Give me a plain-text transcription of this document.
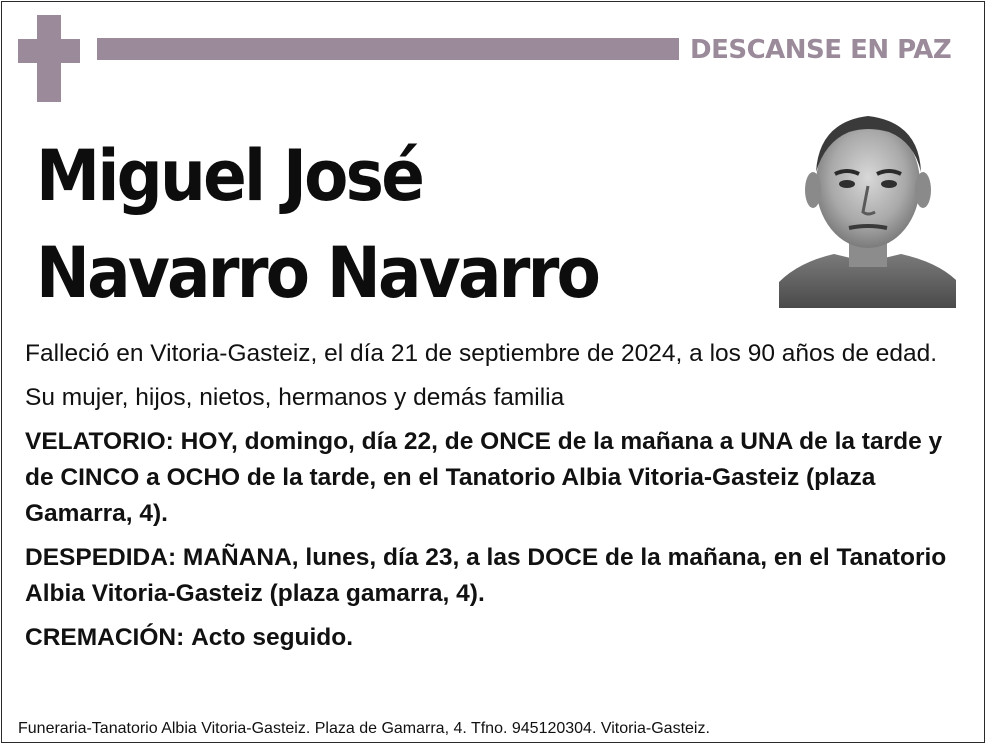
DESCANSE EN PAZ
Miguel José
Navarro Navarro

Falleció en Vitoria-Gasteiz, el día 21 de septiembre de 2024, a los 90 años de edad.

Su mujer, hijos, nietos, hermanos y demás familia

VELATORIO: HOY, domingo, día 22, de ONCE de la mañana a UNA de la tarde y de CINCO a OCHO de la tarde, en el Tanatorio Albia Vitoria-Gasteiz (plaza Gamarra, 4).

DESPEDIDA: MAÑANA, lunes, día 23, a las DOCE de la mañana, en el Tanatorio Albia Vitoria-Gasteiz (plaza gamarra, 4).

CREMACIÓN: Acto seguido.

Funeraria-Tanatorio Albia Vitoria-Gasteiz. Plaza de Gamarra, 4. Tfno. 945120304. Vitoria-Gasteiz.
